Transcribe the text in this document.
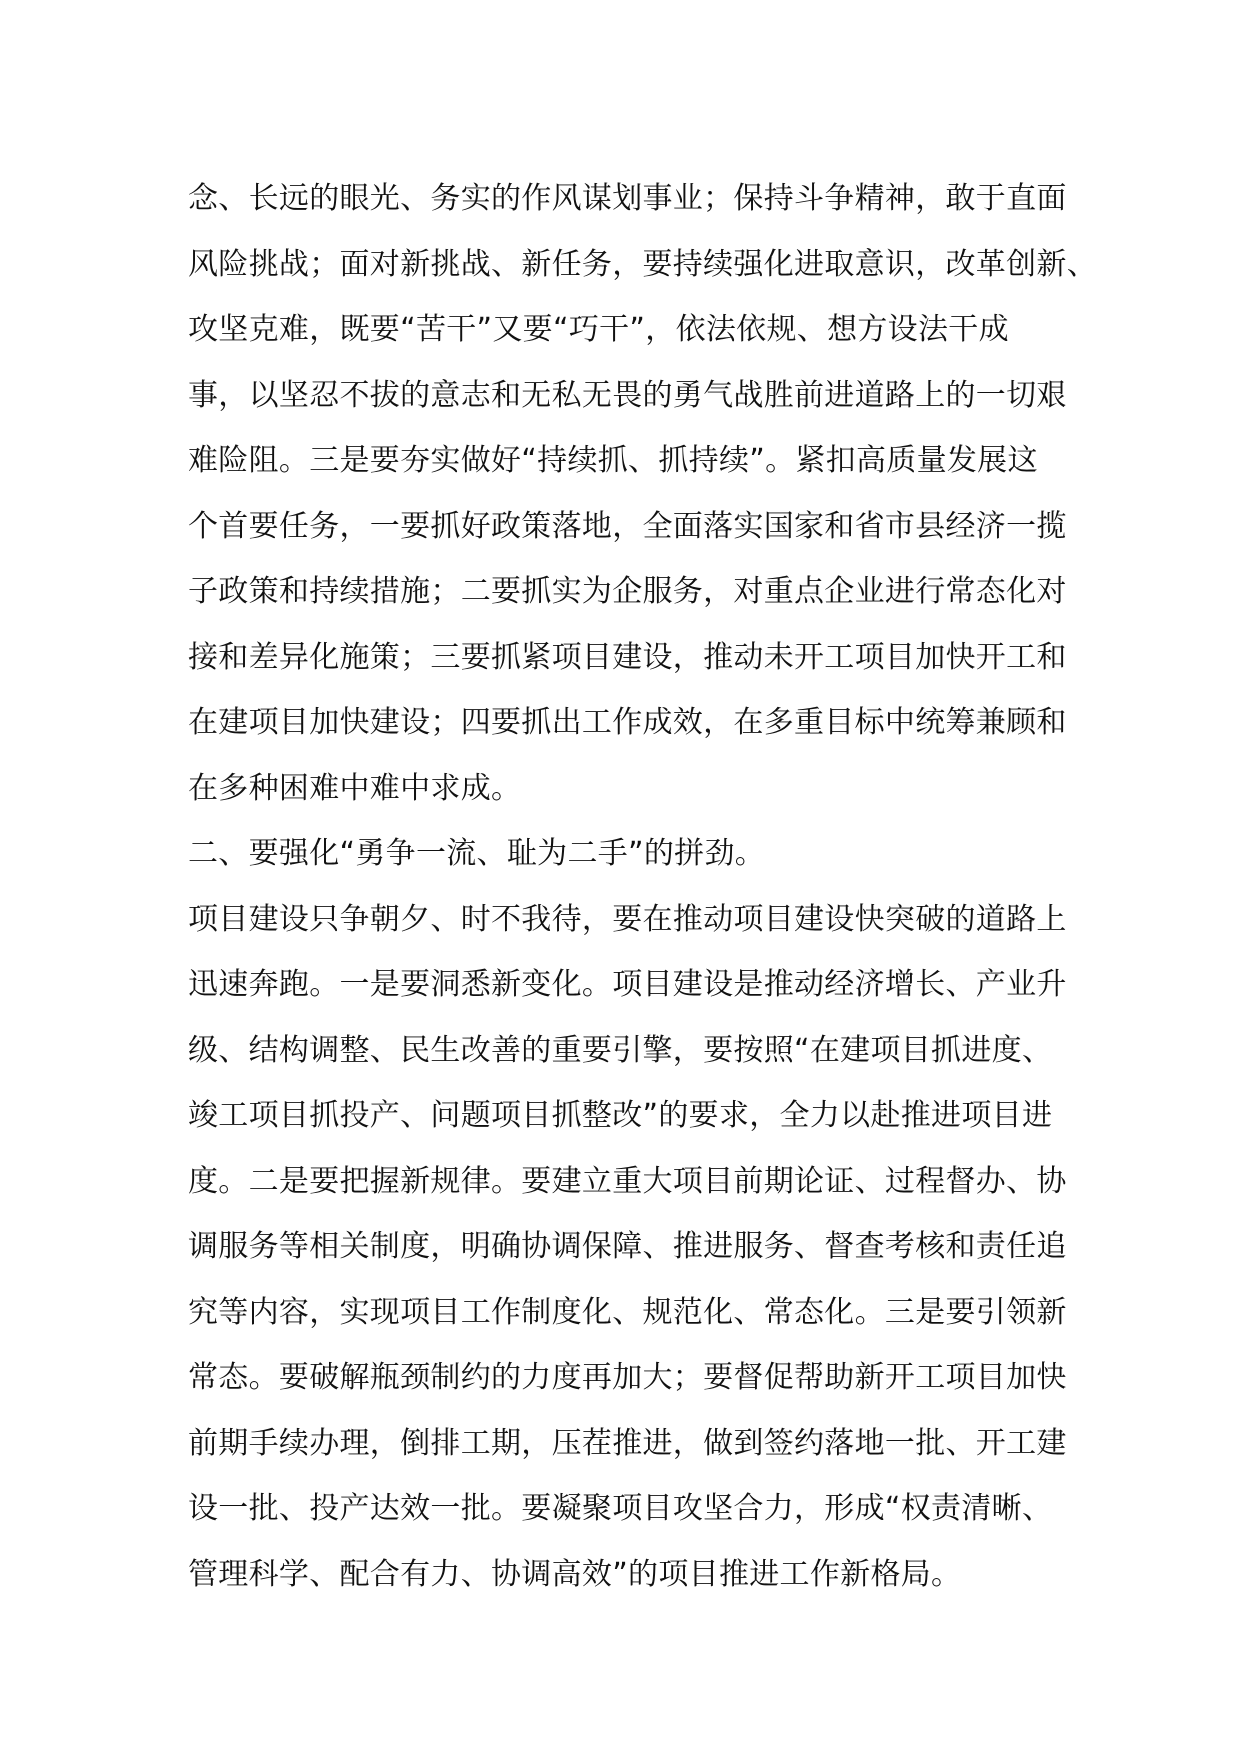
念、长远的眼光、务实的作风谋划事业；保持斗争精神，敢于直面
风险挑战；面对新挑战、新任务，要持续强化进取意识，改革创新、
攻坚克难，既要“苦干”又要“巧干”，依法依规、想方设法干成
事，以坚忍不拔的意志和无私无畏的勇气战胜前进道路上的一切艰
难险阻。三是要夯实做好“持续抓、抓持续”。紧扣高质量发展这
个首要任务，一要抓好政策落地，全面落实国家和省市县经济一揽
子政策和持续措施；二要抓实为企服务，对重点企业进行常态化对
接和差异化施策；三要抓紧项目建设，推动未开工项目加快开工和
在建项目加快建设；四要抓出工作成效，在多重目标中统筹兼顾和
在多种困难中难中求成。
二、要强化“勇争一流、耻为二手”的拼劲。
项目建设只争朝夕、时不我待，要在推动项目建设快突破的道路上
迅速奔跑。一是要洞悉新变化。项目建设是推动经济增长、产业升
级、结构调整、民生改善的重要引擎，要按照“在建项目抓进度、
竣工项目抓投产、问题项目抓整改”的要求，全力以赴推进项目进
度。二是要把握新规律。要建立重大项目前期论证、过程督办、协
调服务等相关制度，明确协调保障、推进服务、督查考核和责任追
究等内容，实现项目工作制度化、规范化、常态化。三是要引领新
常态。要破解瓶颈制约的力度再加大；要督促帮助新开工项目加快
前期手续办理，倒排工期，压茬推进，做到签约落地一批、开工建
设一批、投产达效一批。要凝聚项目攻坚合力，形成“权责清晰、
管理科学、配合有力、协调高效”的项目推进工作新格局。
